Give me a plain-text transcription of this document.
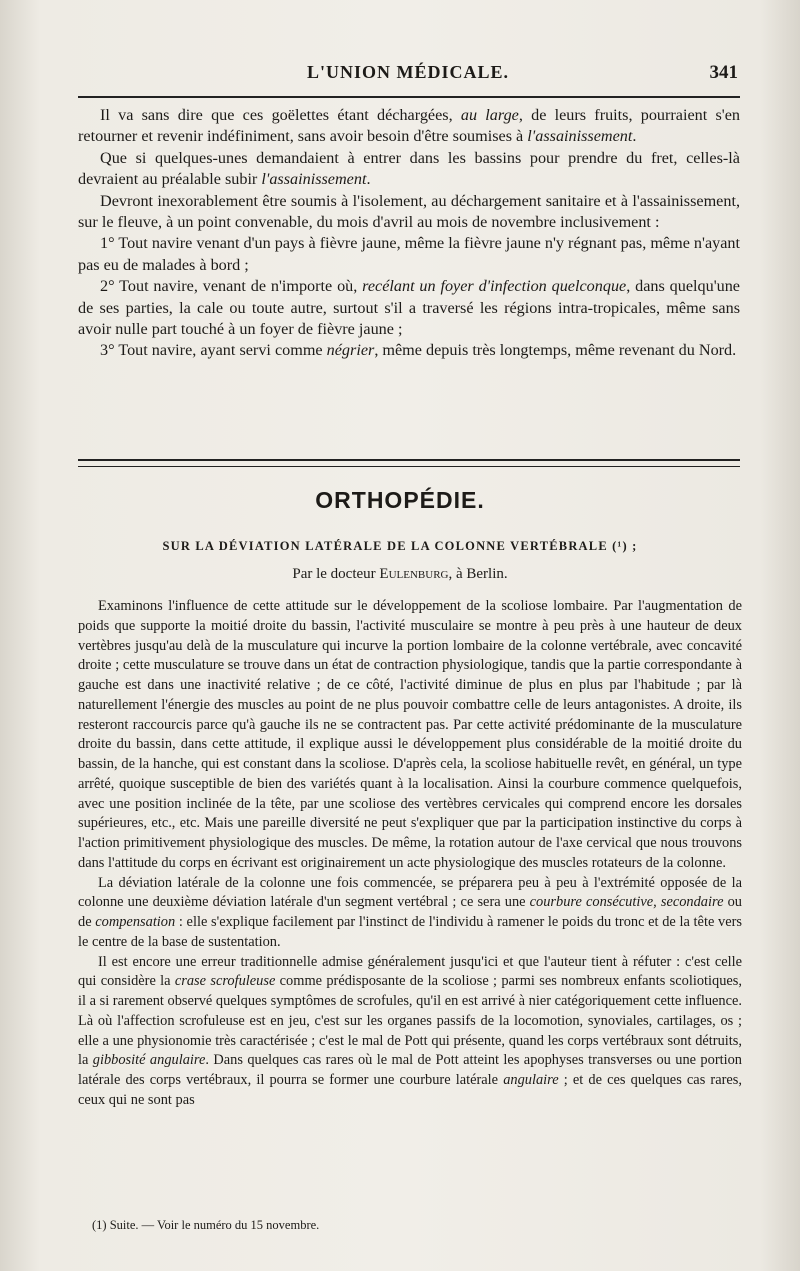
L'UNION MÉDICALE.	341

Il va sans dire que ces goëlettes étant déchargées, au large, de leurs fruits, pourraient s'en retourner et revenir indéfiniment, sans avoir besoin d'être soumises à l'assainissement.

Que si quelques-unes demandaient à entrer dans les bassins pour prendre du fret, celles-là devraient au préalable subir l'assainissement.

Devront inexorablement être soumis à l'isolement, au déchargement sanitaire et à l'assainissement, sur le fleuve, à un point convenable, du mois d'avril au mois de novembre inclusivement :

1° Tout navire venant d'un pays à fièvre jaune, même la fièvre jaune n'y régnant pas, même n'ayant pas eu de malades à bord ;

2° Tout navire, venant de n'importe où, recélant un foyer d'infection quelconque, dans quelqu'une de ses parties, la cale ou toute autre, surtout s'il a traversé les régions intra-tropicales, même sans avoir nulle part touché à un foyer de fièvre jaune ;

3° Tout navire, ayant servi comme négrier, même depuis très longtemps, même revenant du Nord.

ORTHOPÉDIE.
SUR LA DÉVIATION LATÉRALE DE LA COLONNE VERTÉBRALE (¹) ;
Par le docteur Eulenburg, à Berlin.

Examinons l'influence de cette attitude sur le développement de la scoliose lombaire. Par l'augmentation de poids que supporte la moitié droite du bassin, l'activité musculaire se montre à peu près à une hauteur de deux vertèbres jusqu'au delà de la musculature qui incurve la portion lombaire de la colonne vertébrale, avec concavité droite ; cette musculature se trouve dans un état de contraction physiologique, tandis que la partie correspondante à gauche est dans une inactivité relative ; de ce côté, l'activité diminue de plus en plus par l'habitude ; par là naturellement l'énergie des muscles au point de ne plus pouvoir combattre celle de leurs antagonistes. A droite, ils resteront raccourcis parce qu'à gauche ils ne se contractent pas. Par cette activité prédominante de la musculature droite du bassin, dans cette attitude, il explique aussi le développement plus considérable de la moitié droite du bassin, de la hanche, qui est constant dans la scoliose. D'après cela, la scoliose habituelle revêt, en général, un type arrêté, quoique susceptible de bien des variétés quant à la localisation. Ainsi la courbure commence quelquefois, avec une position inclinée de la tête, par une scoliose des vertèbres cervicales qui comprend encore les dorsales supérieures, etc., etc. Mais une pareille diversité ne peut s'expliquer que par la participation instinctive du corps à l'action primitivement physiologique des muscles. De même, la rotation autour de l'axe cervical que nous trouvons dans l'attitude du corps en écrivant est originairement un acte physiologique des muscles rotateurs de la colonne.

La déviation latérale de la colonne une fois commencée, se préparera peu à peu à l'extrémité opposée de la colonne une deuxième déviation latérale d'un segment vertébral ; ce sera une courbure consécutive, secondaire ou de compensation : elle s'explique facilement par l'instinct de l'individu à ramener le poids du tronc et de la tête vers le centre de la base de sustentation.

Il est encore une erreur traditionnelle admise généralement jusqu'ici et que l'auteur tient à réfuter : c'est celle qui considère la crase scrofuleuse comme prédisposante de la scoliose ; parmi ses nombreux enfants scoliotiques, il a si rarement observé quelques symptômes de scrofules, qu'il en est arrivé à nier catégoriquement cette influence. Là où l'affection scrofuleuse est en jeu, c'est sur les organes passifs de la locomotion, synoviales, cartilages, os ; elle a une physionomie très caractérisée ; c'est le mal de Pott qui présente, quand les corps vertébraux sont détruits, la gibbosité angulaire. Dans quelques cas rares où le mal de Pott atteint les apophyses transverses ou une portion latérale des corps vertébraux, il pourra se former une courbure latérale angulaire ; et de ces quelques cas rares, ceux qui ne sont pas

(1) Suite. — Voir le numéro du 15 novembre.
